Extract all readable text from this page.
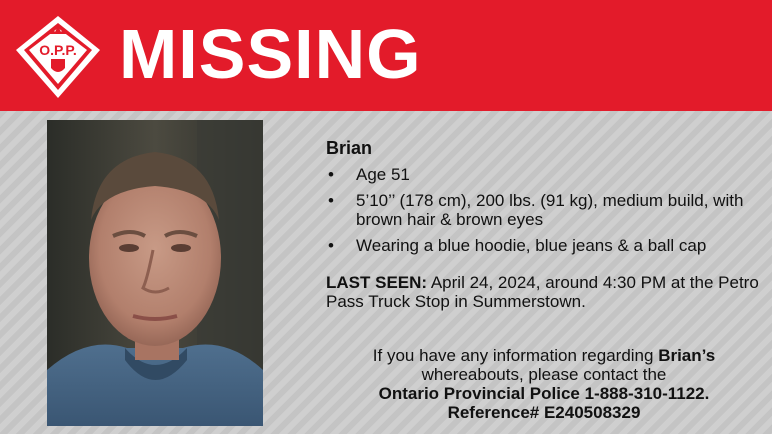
O.P.P. MISSING
Brian
• Age 51
• 5’10’’ (178 cm), 200 lbs. (91 kg), medium build, with brown hair & brown eyes
• Wearing a blue hoodie, blue jeans & a ball cap
LAST SEEN: April 24, 2024, around 4:30 PM at the Petro Pass Truck Stop in Summerstown.
If you have any information regarding Brian’s
whereabouts, please contact the
Ontario Provincial Police 1-888-310-1122.
Reference# E240508329
